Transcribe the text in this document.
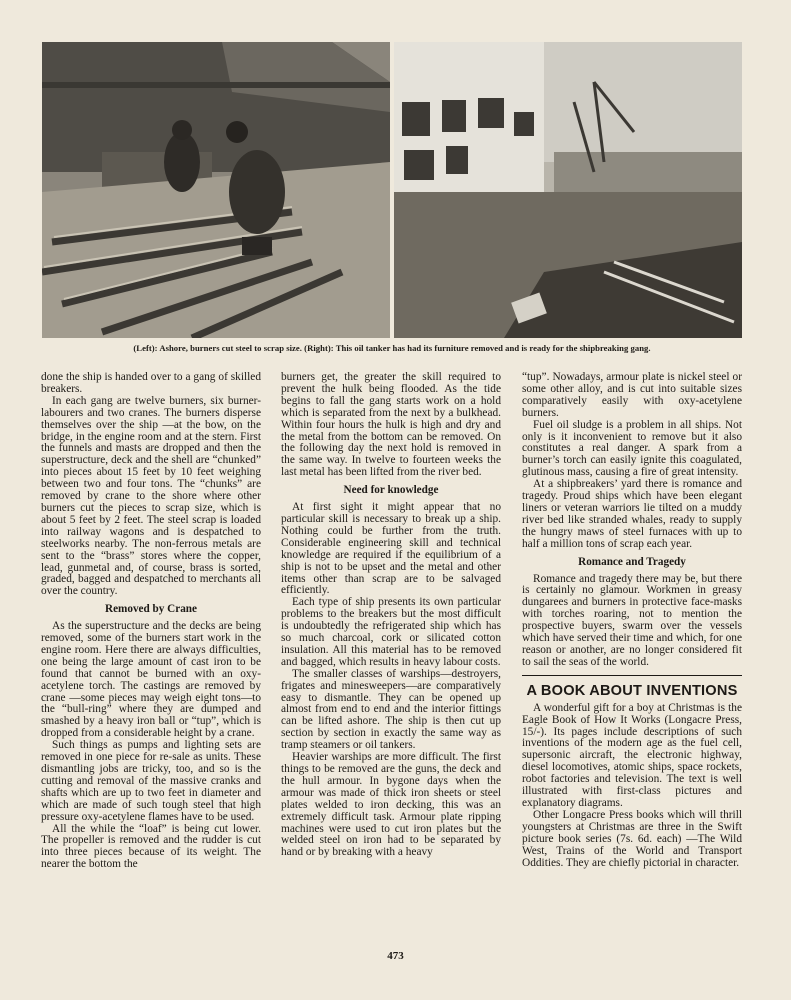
(Left): Ashore, burners cut steel to scrap size. (Right): This oil tanker has had its furniture removed and is ready for the shipbreaking gang.

done the ship is handed over to a gang of skilled breakers.

In each gang are twelve burners, six burner-labourers and two cranes. The burners disperse themselves over the ship —at the bow, on the bridge, in the engine room and at the stern. First the funnels and masts are dropped and then the superstructure, deck and the shell are “chunked” into pieces about 15 feet by 10 feet weighing between two and four tons. The “chunks” are removed by crane to the shore where other burners cut the pieces to scrap size, which is about 5 feet by 2 feet. The steel scrap is loaded into railway wagons and is despatched to steelworks nearby. The non-ferrous metals are sent to the “brass” stores where the copper, lead, gunmetal and, of course, brass is sorted, graded, bagged and despatched to merchants all over the country.

Removed by Crane

As the superstructure and the decks are being removed, some of the burners start work in the engine room. Here there are always difficulties, one being the large amount of cast iron to be found that cannot be burned with an oxy-acetylene torch. The castings are removed by crane —some pieces may weigh eight tons—to the “bull-ring” where they are dumped and smashed by a heavy iron ball or “tup”, which is dropped from a considerable height by a crane.

Such things as pumps and lighting sets are removed in one piece for re-sale as units. These dismantling jobs are tricky, too, and so is the cutting and removal of the massive cranks and shafts which are up to two feet in diameter and which are made of such tough steel that high pressure oxy-acetylene flames have to be used.

All the while the “loaf” is being cut lower. The propeller is removed and the rudder is cut into three pieces because of its weight. The nearer the bottom the

burners get, the greater the skill required to prevent the hulk being flooded. As the tide begins to fall the gang starts work on a hold which is separated from the next by a bulkhead. Within four hours the hulk is high and dry and the metal from the bottom can be removed. On the following day the next hold is removed in the same way. In twelve to fourteen weeks the last metal has been lifted from the river bed.

Need for knowledge

At first sight it might appear that no particular skill is necessary to break up a ship. Nothing could be further from the truth. Considerable engineering skill and technical knowledge are required if the equilibrium of a ship is not to be upset and the metal and other items other than scrap are to be salvaged efficiently.

Each type of ship presents its own particular problems to the breakers but the most difficult is undoubtedly the refrigerated ship which has so much charcoal, cork or silicated cotton insulation. All this material has to be removed and bagged, which results in heavy labour costs.

The smaller classes of warships—destroyers, frigates and minesweepers—are comparatively easy to dismantle. They can be opened up almost from end to end and the interior fittings can be lifted ashore. The ship is then cut up section by section in exactly the same way as tramp steamers or oil tankers.

Heavier warships are more difficult. The first things to be removed are the guns, the deck and the hull armour. In bygone days when the armour was made of thick iron sheets or steel plates welded to iron decking, this was an extremely difficult task. Armour plate ripping machines were used to cut iron plates but the welded steel on iron had to be separated by hand or by breaking with a heavy

“tup”. Nowadays, armour plate is nickel steel or some other alloy, and is cut into suitable sizes comparatively easily with oxy-acetylene burners.

Fuel oil sludge is a problem in all ships. Not only is it inconvenient to remove but it also constitutes a real danger. A spark from a burner’s torch can easily ignite this coagulated, glutinous mass, causing a fire of great intensity.

At a shipbreakers’ yard there is romance and tragedy. Proud ships which have been elegant liners or veteran warriors lie tilted on a muddy river bed like stranded whales, ready to supply the hungry maws of steel furnaces with up to half a million tons of scrap each year.

Romance and Tragedy

Romance and tragedy there may be, but there is certainly no glamour. Workmen in greasy dungarees and burners in protective face-masks with torches roaring, not to mention the prospective buyers, swarm over the vessels which have served their time and which, for one reason or another, are no longer considered fit to sail the seas of the world.

A BOOK ABOUT INVENTIONS

A wonderful gift for a boy at Christmas is the Eagle Book of How It Works (Longacre Press, 15/-). Its pages include descriptions of such inventions of the modern age as the fuel cell, supersonic aircraft, the electronic highway, diesel locomotives, atomic ships, space rockets, robot factories and television. The text is well illustrated with first-class pictures and explanatory diagrams.

Other Longacre Press books which will thrill youngsters at Christmas are three in the Swift picture book series (7s. 6d. each) —The Wild West, Trains of the World and Transport Oddities. They are chiefly pictorial in character.

473
